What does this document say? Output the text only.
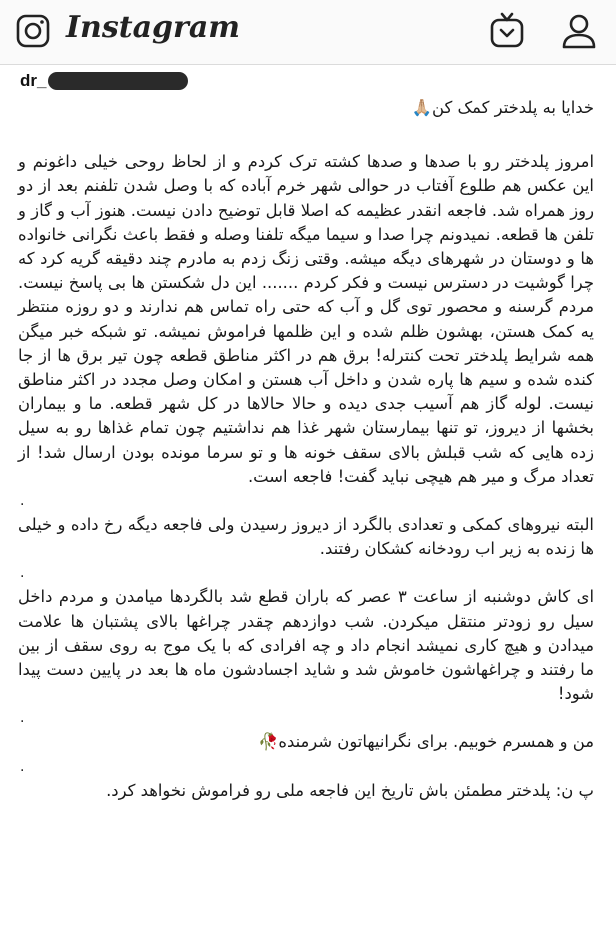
Instagram
dr_

خدایا به پلدختر کمک کن🙏🏼

امروز پلدختر رو با صدها و صدها کشته ترک کردم و از لحاظ روحی خیلی داغونم و این عکس هم طلوع آفتاب در حوالی شهر خرم آباده که با وصل شدن تلفنم بعد از دو روز همراه شد. فاجعه انقدر عظیمه که اصلا قابل توضیح دادن نیست. هنوز آب و گاز و تلفن ها قطعه. نمیدونم چرا صدا و سیما میگه تلفنا وصله و فقط باعث نگرانی خانواده ها و دوستان در شهرهای دیگه میشه. وقتی زنگ زدم به مادرم چند دقیقه گریه کرد که چرا گوشیت در دسترس نیست و فکر کردم ....... این دل شکستن ها بی پاسخ نیست. مردم گرسنه و محصور توی گل و آب که حتی راه تماس هم ندارند و دو روزه منتظر یه کمک هستن، بهشون ظلم شده و این ظلمها فراموش نمیشه. تو شبکه خبر میگن همه شرایط پلدختر تحت کنترله! برق هم در اکثر مناطق قطعه چون تیر برق ها از جا کنده شده و سیم ها پاره شدن و داخل آب هستن و امکان وصل مجدد در اکثر مناطق نیست. لوله گاز هم آسیب جدی دیده و حالا حالاها در کل شهر قطعه. ما و بیماران بخشها از دیروز، تو تنها بیمارستان شهر غذا هم نداشتیم چون تمام غذاها رو به سیل زده هایی که شب قبلش بالای سقف خونه ها و تو سرما مونده بودن ارسال شد! از تعداد مرگ و میر هم هیچی نباید گفت! فاجعه است.

.

البته نیروهای کمکی و تعدادی بالگرد از دیروز رسیدن ولی فاجعه دیگه رخ داده و خیلی ها زنده به زیر اب رودخانه کشکان رفتند.

.

ای کاش دوشنبه از ساعت ۳ عصر که باران قطع شد بالگردها میامدن و مردم داخل سیل رو زودتر منتقل میکردن. شب دوازدهم چقدر چراغها بالای پشتبان ها علامت میدادن و هیچ کاری نمیشد انجام داد و چه افرادی که با یک موج به روی سقف از بین ما رفتند و چراغهاشون خاموش شد و شاید اجسادشون ماه ها بعد در پایین دست پیدا شود!

.

من و همسرم خوبیم. برای نگرانیهاتون شرمنده🥀

.

پ ن: پلدختر مطمئن باش تاریخ این فاجعه ملی رو فراموش نخواهد کرد.
